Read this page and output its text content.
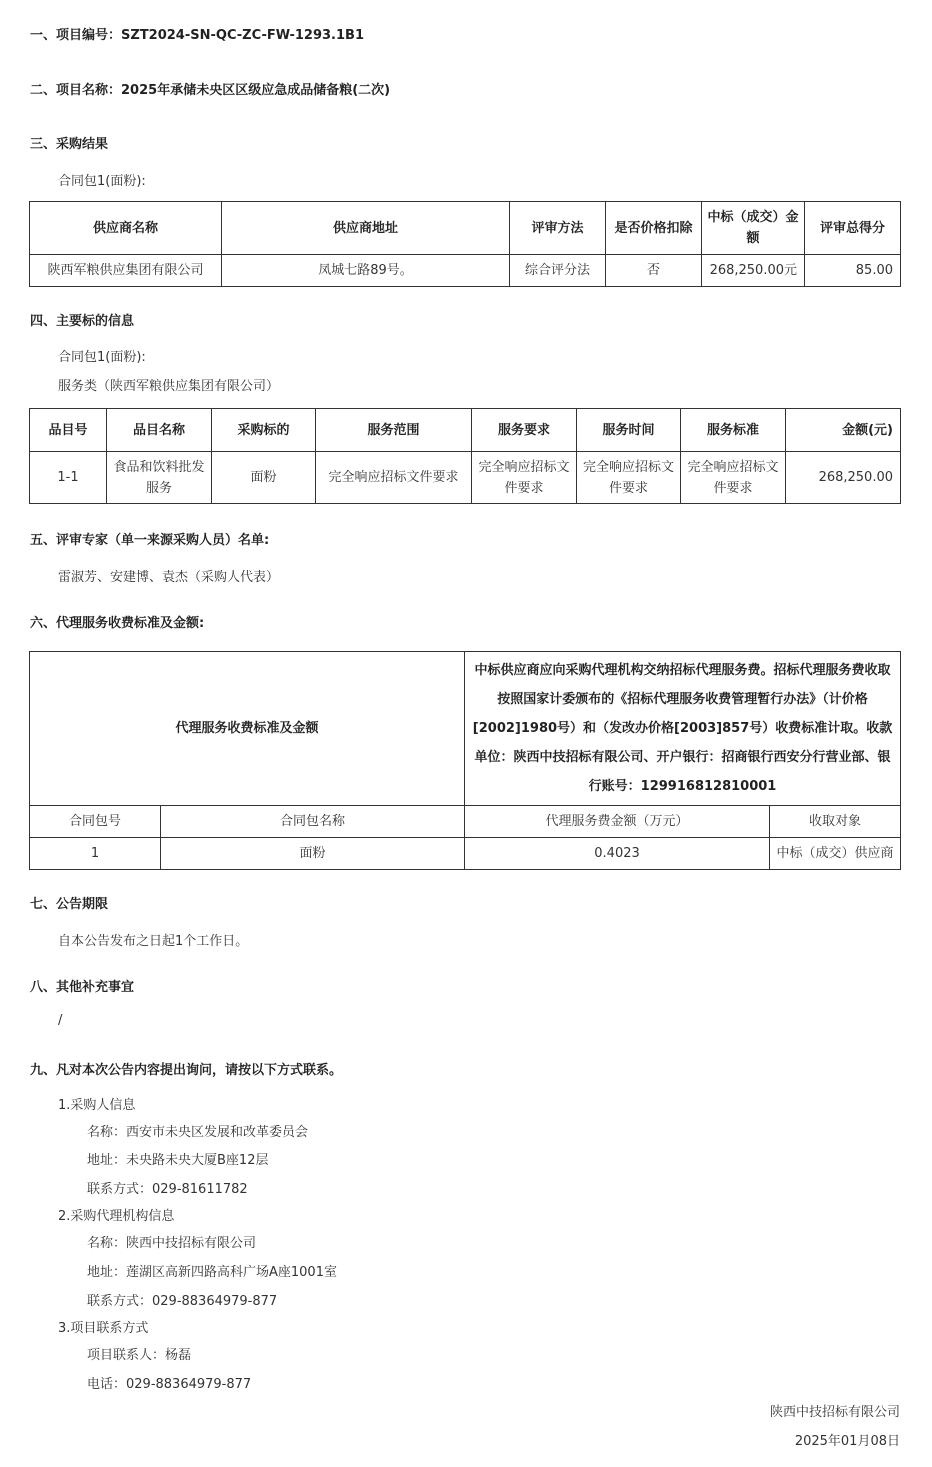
一、项目编号：SZT2024-SN-QC-ZC-FW-1293.1B1
二、项目名称：2025年承储未央区区级应急成品储备粮(二次)
三、采购结果
合同包1(面粉):
供应商名称	供应商地址	评审方法	是否价格扣除	中标（成交）金额	评审总得分
陕西军粮供应集团有限公司	凤城七路89号。	综合评分法	否	268,250.00元	85.00
四、主要标的信息
合同包1(面粉):
服务类（陕西军粮供应集团有限公司）
品目号	品目名称	采购标的	服务范围	服务要求	服务时间	服务标准	金额(元)
1-1	食品和饮料批发服务	面粉	完全响应招标文件要求	完全响应招标文件要求	完全响应招标文件要求	完全响应招标文件要求	268,250.00
五、评审专家（单一来源采购人员）名单:
雷淑芳、安建博、袁杰（采购人代表）
六、代理服务收费标准及金额:
代理服务收费标准及金额		中标供应商应向采购代理机构交纳招标代理服务费。招标代理服务费收取按照国家计委颁布的《招标代理服务收费管理暂行办法》（计价格[2002]1980号）和（发改办价格[2003]857号）收费标准计取。收款单位：陕西中技招标有限公司、开户银行：招商银行西安分行营业部、银行账号：129916812810001	
合同包号	合同包名称	代理服务费金额（万元）	收取对象
1	面粉	0.4023	中标（成交）供应商
七、公告期限
自本公告发布之日起1个工作日。
八、其他补充事宜
/
九、凡对本次公告内容提出询问，请按以下方式联系。
1.采购人信息
名称：西安市未央区发展和改革委员会
地址：未央路未央大厦B座12层
联系方式：029-81611782
2.采购代理机构信息
名称：陕西中技招标有限公司
地址：莲湖区高新四路高科广场A座1001室
联系方式：029-88364979-877
3.项目联系方式
项目联系人：杨磊
电话：029-88364979-877
陕西中技招标有限公司
2025年01月08日
